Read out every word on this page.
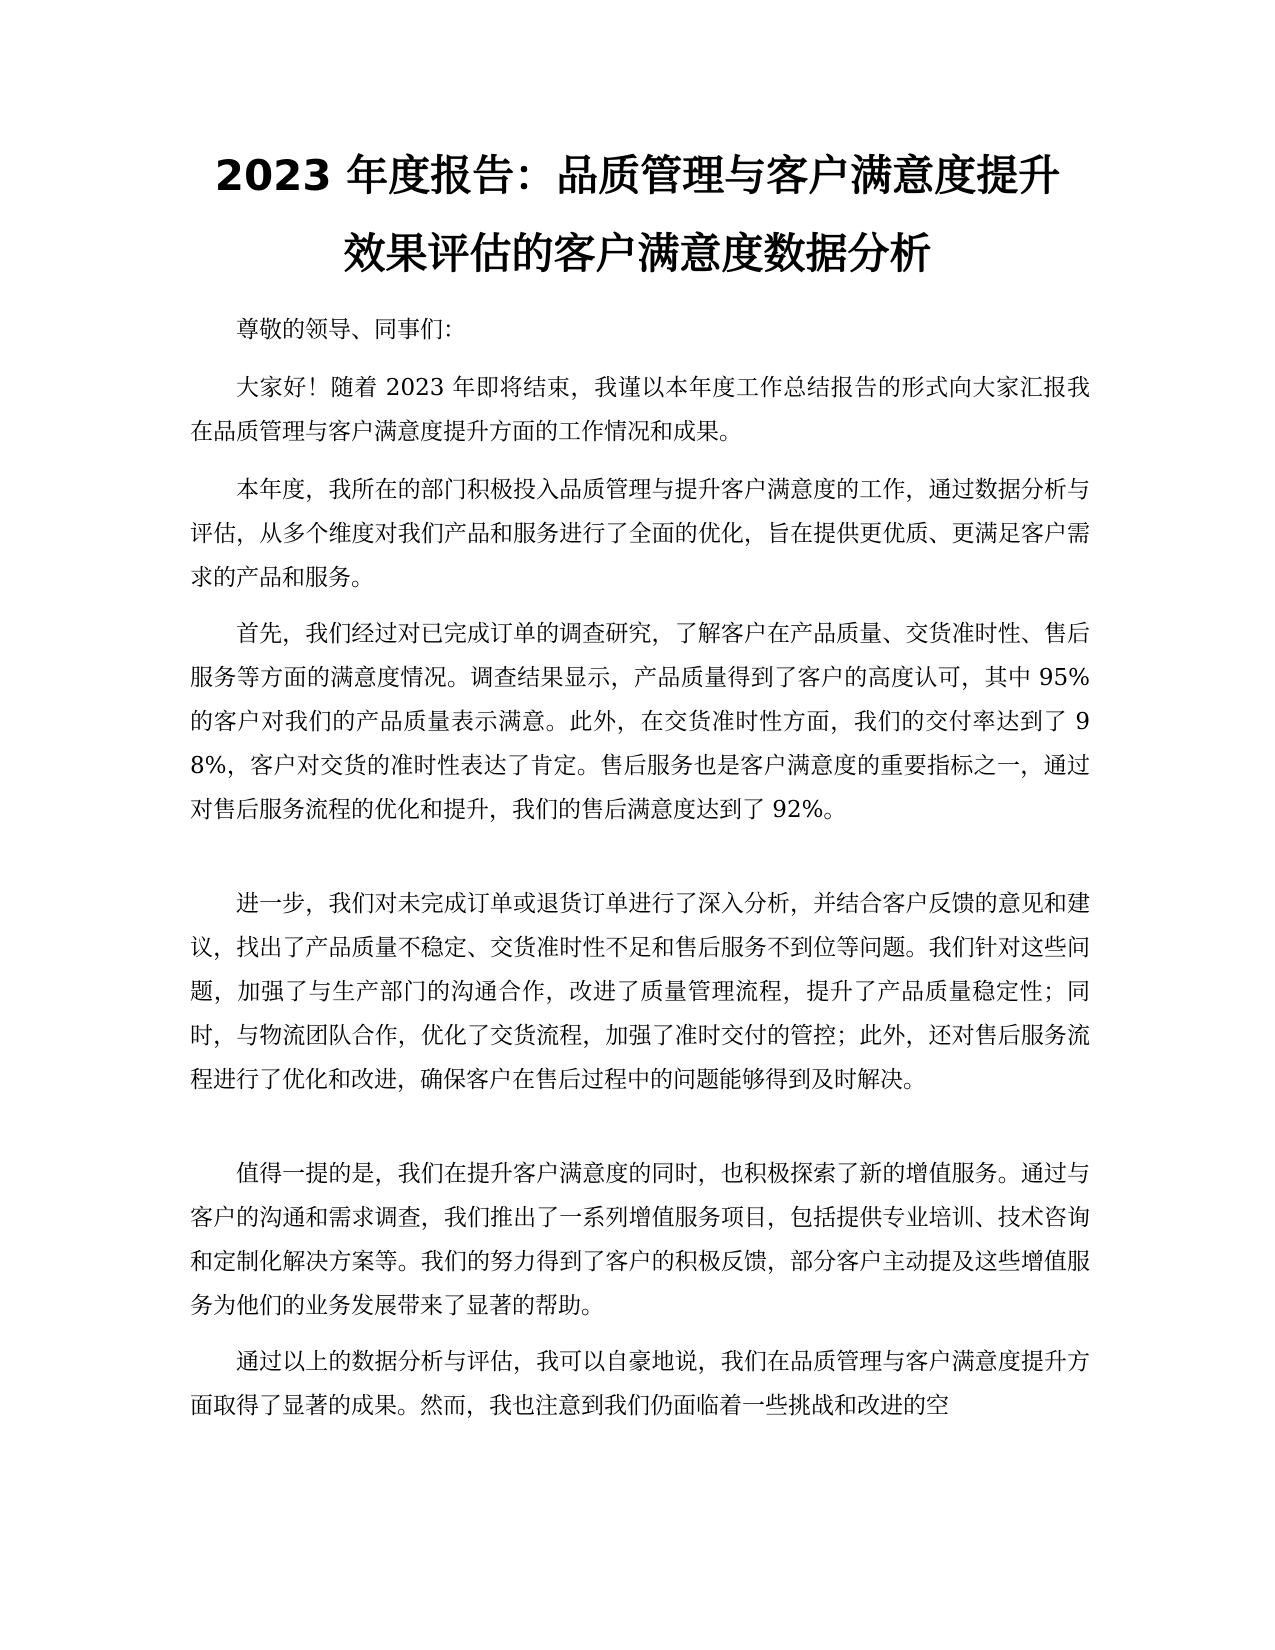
2023 年度报告：品质管理与客户满意度提升
效果评估的客户满意度数据分析

尊敬的领导、同事们：

大家好！随着 2023 年即将结束，我谨以本年度工作总结报告的形式向大家汇报我在品质管理与客户满意度提升方面的工作情况和成果。

本年度，我所在的部门积极投入品质管理与提升客户满意度的工作，通过数据分析与评估，从多个维度对我们产品和服务进行了全面的优化，旨在提供更优质、更满足客户需求的产品和服务。

首先，我们经过对已完成订单的调查研究，了解客户在产品质量、交货准时性、售后服务等方面的满意度情况。调查结果显示，产品质量得到了客户的高度认可，其中 95%的客户对我们的产品质量表示满意。此外，在交货准时性方面，我们的交付率达到了 98%，客户对交货的准时性表达了肯定。售后服务也是客户满意度的重要指标之一，通过对售后服务流程的优化和提升，我们的售后满意度达到了 92%。

进一步，我们对未完成订单或退货订单进行了深入分析，并结合客户反馈的意见和建议，找出了产品质量不稳定、交货准时性不足和售后服务不到位等问题。我们针对这些问题，加强了与生产部门的沟通合作，改进了质量管理流程，提升了产品质量稳定性；同时，与物流团队合作，优化了交货流程，加强了准时交付的管控；此外，还对售后服务流程进行了优化和改进，确保客户在售后过程中的问题能够得到及时解决。

值得一提的是，我们在提升客户满意度的同时，也积极探索了新的增值服务。通过与客户的沟通和需求调查，我们推出了一系列增值服务项目，包括提供专业培训、技术咨询和定制化解决方案等。我们的努力得到了客户的积极反馈，部分客户主动提及这些增值服务为他们的业务发展带来了显著的帮助。

通过以上的数据分析与评估，我可以自豪地说，我们在品质管理与客户满意度提升方面取得了显著的成果。然而，我也注意到我们仍面临着一些挑战和改进的空
